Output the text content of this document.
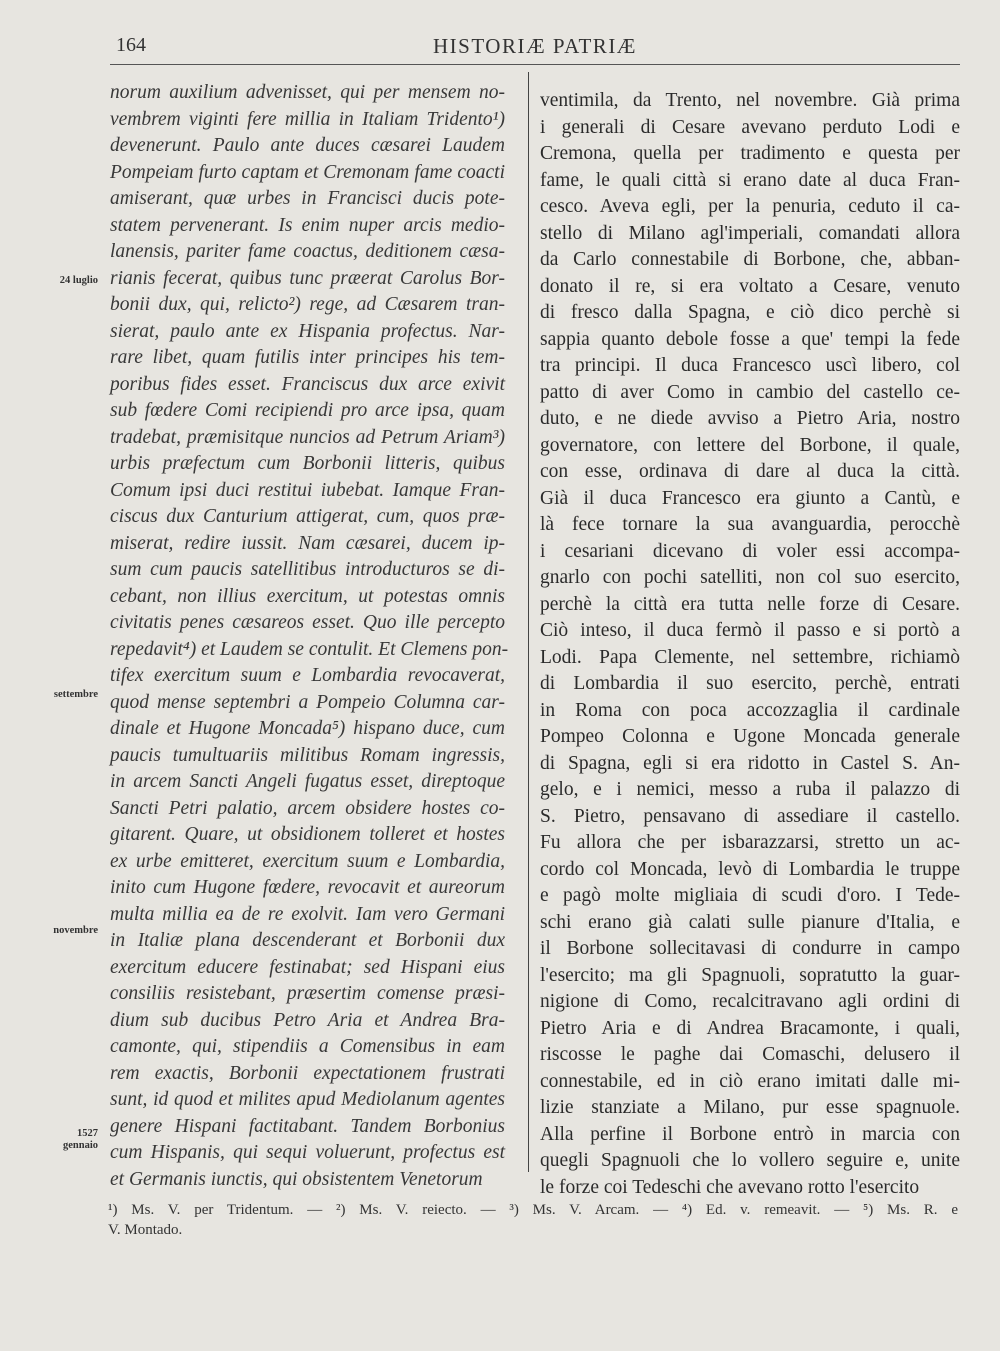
164	HISTORIÆ PATRIÆ
24 luglio
settembre
novembre
1527
gennaio
norum auxilium advenisset, qui per mensem no-
vembrem viginti fere millia in Italiam Tridento¹)
devenerunt. Paulo ante duces cæsarei Laudem
Pompeiam furto captam et Cremonam fame coacti
amiserant, quæ urbes in Francisci ducis pote-
statem pervenerant. Is enim nuper arcis medio-
lanensis, pariter fame coactus, deditionem cæsa-
rianis fecerat, quibus tunc præerat Carolus Bor-
bonii dux, qui, relicto²) rege, ad Cæsarem tran-
sierat, paulo ante ex Hispania profectus. Nar-
rare libet, quam futilis inter principes his tem-
poribus fides esset. Franciscus dux arce exivit
sub fœdere Comi recipiendi pro arce ipsa, quam
tradebat, præmisitque nuncios ad Petrum Ariam³)
urbis præfectum cum Borbonii litteris, quibus
Comum ipsi duci restitui iubebat. Iamque Fran-
ciscus dux Canturium attigerat, cum, quos præ-
miserat, redire iussit. Nam cæsarei, ducem ip-
sum cum paucis satellitibus introducturos se di-
cebant, non illius exercitum, ut potestas omnis
civitatis penes cæsareos esset. Quo ille percepto
repedavit⁴) et Laudem se contulit. Et Clemens pon-
tifex exercitum suum e Lombardia revocaverat,
quod mense septembri a Pompeio Columna car-
dinale et Hugone Moncada⁵) hispano duce, cum
paucis tumultuariis militibus Romam ingressis,
in arcem Sancti Angeli fugatus esset, direptoque
Sancti Petri palatio, arcem obsidere hostes co-
gitarent. Quare, ut obsidionem tolleret et hostes
ex urbe emitteret, exercitum suum e Lombardia,
inito cum Hugone fœdere, revocavit et aureorum
multa millia ea de re exolvit. Iam vero Germani
in Italiæ plana descenderant et Borbonii dux
exercitum educere festinabat; sed Hispani eius
consiliis resistebant, præsertim comense præsi-
dium sub ducibus Petro Aria et Andrea Bra-
camonte, qui, stipendiis a Comensibus in eam
rem exactis, Borbonii expectationem frustrati
sunt, id quod et milites apud Mediolanum agentes
genere Hispani factitabant. Tandem Borbonius
cum Hispanis, qui sequi voluerunt, profectus est
et Germanis iunctis, qui obsistentem Venetorum
ventimila, da Trento, nel novembre. Già prima
i generali di Cesare avevano perduto Lodi e
Cremona, quella per tradimento e questa per
fame, le quali città si erano date al duca Fran-
cesco. Aveva egli, per la penuria, ceduto il ca-
stello di Milano agl'imperiali, comandati allora
da Carlo connestabile di Borbone, che, abban-
donato il re, si era voltato a Cesare, venuto
di fresco dalla Spagna, e ciò dico perchè si
sappia quanto debole fosse a que' tempi la fede
tra principi. Il duca Francesco uscì libero, col
patto di aver Como in cambio del castello ce-
duto, e ne diede avviso a Pietro Aria, nostro
governatore, con lettere del Borbone, il quale,
con esse, ordinava di dare al duca la città.
Già il duca Francesco era giunto a Cantù, e
là fece tornare la sua avanguardia, perocchè
i cesariani dicevano di voler essi accompa-
gnarlo con pochi satelliti, non col suo esercito,
perchè la città era tutta nelle forze di Cesare.
Ciò inteso, il duca fermò il passo e si portò a
Lodi. Papa Clemente, nel settembre, richiamò
di Lombardia il suo esercito, perchè, entrati
in Roma con poca accozzaglia il cardinale
Pompeo Colonna e Ugone Moncada generale
di Spagna, egli si era ridotto in Castel S. An-
gelo, e i nemici, messo a ruba il palazzo di
S. Pietro, pensavano di assediare il castello.
Fu allora che per isbarazzarsi, stretto un ac-
cordo col Moncada, levò di Lombardia le truppe
e pagò molte migliaia di scudi d'oro. I Tede-
schi erano già calati sulle pianure d'Italia, e
il Borbone sollecitavasi di condurre in campo
l'esercito; ma gli Spagnuoli, sopratutto la guar-
nigione di Como, recalcitravano agli ordini di
Pietro Aria e di Andrea Bracamonte, i quali,
riscosse le paghe dai Comaschi, delusero il
connestabile, ed in ciò erano imitati dalle mi-
lizie stanziate a Milano, pur esse spagnuole.
Alla perfine il Borbone entrò in marcia con
quegli Spagnuoli che lo vollero seguire e, unite
le forze coi Tedeschi che avevano rotto l'esercito
¹) Ms. V. per Tridentum. — ²) Ms. V. reiecto. — ³) Ms. V. Arcam. — ⁴) Ed. v. remeavit. — ⁵) Ms. R. e
V. Montado.
